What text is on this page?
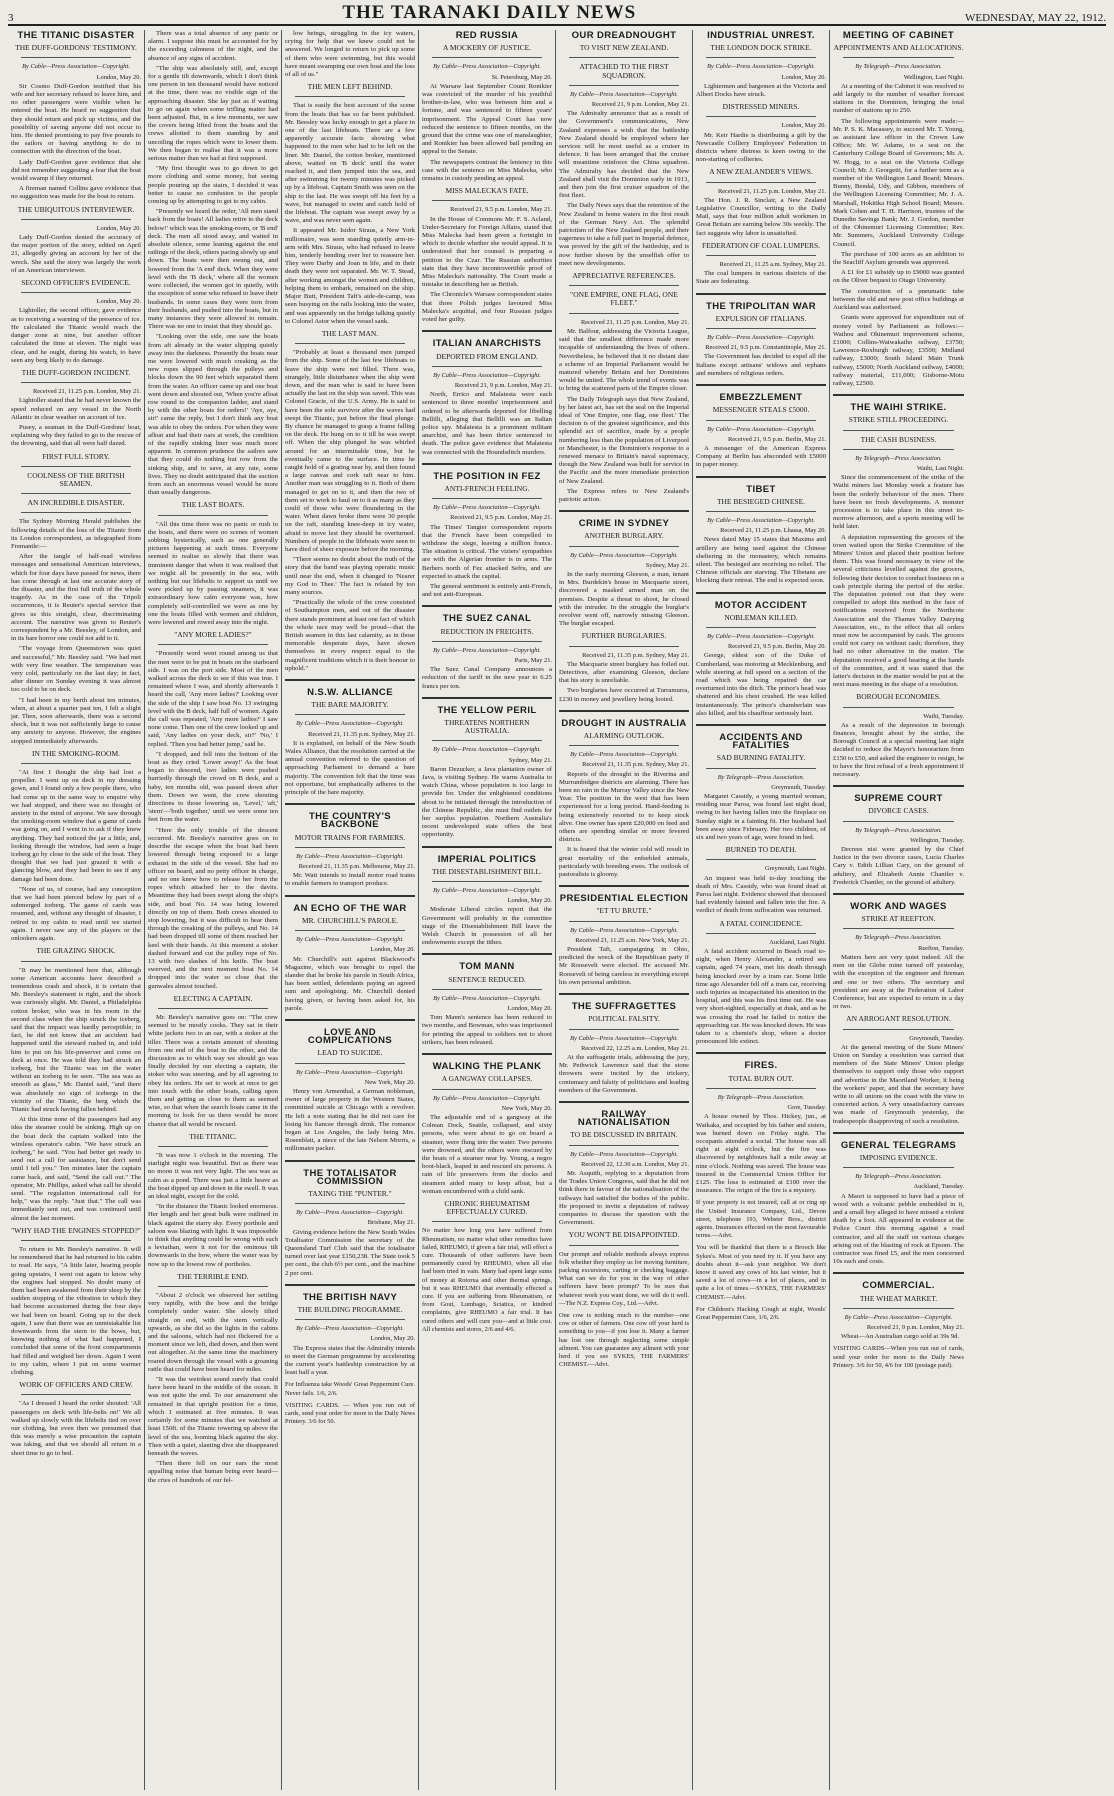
3	THE TARANAKI DAILY NEWS	WEDNESDAY, MAY 22, 1912.
THE TITANIC DISASTER
THE DUFF-GORDONS' TESTIMONY.
By Cable—Press Association—Copyright.
London, May 20.

Sir Cosmo Duff-Gordon testified that his wife and her secretary refused to leave him, and no other passengers were visible when he entered the boat. He heard no suggestion that they should return and pick up victims, and the possibility of saving anyone did not occur to him. He denied promising to pay five pounds to the sailors or having anything to do in connection with the direction of the boat.

Lady Duff-Gordon gave evidence that she did not remember suggesting a fear that the boat would swamp if they returned.

A fireman named Collins gave evidence that no suggestion was made for the boat to return.

THE UBIQUITOUS INTERVIEWER.
London, May 20.

Lady Duff-Gordon denied the accuracy of the major portion of the story, edited on April 21, allegedly giving an account by her of the wreck. She said the story was largely the work of an American interviewer.

SECOND OFFICER'S EVIDENCE.
London, May 20.

Lightoller, the second officer, gave evidence as to receiving a warning of the presence of ice. He calculated the Titanic would reach the danger zone at nine, but another officer calculated the time at eleven. The night was clear, and he ought, during his watch, to have seen any berg likely to do damage.

THE DUFF-GORDON INCIDENT.
Received 21, 11.25 p.m. London, May 21.

Lightoller stated that he had never known the speed reduced on any vessel in the North Atlantic in clear weather on account of ice.

Pusey, a seaman in the Duff-Gordons' boat, explaining why they failed to go to the rescue of the drowning, said that all were half dazed.

FIRST FULL STORY.
COOLNESS OF THE BRITISH SEAMEN.
AN INCREDIBLE DISASTER.

The Sydney Morning Herald publishes the following details of the loss of the Titanic from its London correspondent, as telegraphed from Fremantle:—

After the tangle of half-read wireless messages and sensational American interviews, which for four days have passed for news, there has come through at last one accurate story of the disaster, and the first full truth of the whole tragedy. As in the case of the Tripoli occurrences, it is Reuter's special service that gives us this straight, clear, discriminating account. The narrative was given to Reuter's correspondent by a Mr. Beesley, of London, and in its bare horror one could not add to it.

"The voyage from Queenstown was quiet and successful," Mr. Beesley said. "We had met with very fine weather. The temperature was very cold, particularly on the last day; in fact, after dinner on Sunday evening it was almost too cold to be on deck.

"I had been in my berth about ten minutes, when, at about a quarter past ten, I felt a slight jar. Then, soon afterwards, there was a second shock, but it was not sufficiently large to cause any anxiety to anyone. However, the engines stopped immediately afterwards.

IN THE SMOKING-ROOM.

"At first I thought the ship had lost a propeller. I went up on deck in my dressing gown, and I found only a few people there, who had come up in the same way to enquire why we had stopped, and there was no thought of anxiety in the mind of anyone. We saw through the smoking-room window that a game of cards was going on, and I went in to ask if they knew anything. They had noticed the jar a little, and, looking through the window, had seen a huge iceberg go by close to the side of the boat. They thought that we had just grazed it with a glancing blow, and they had been to see if any damage had been done.

"None of us, of course, had any conception that we had been pierced below by part of a submerged iceberg. The game of cards was resumed, and, without any thought of disaster, I retired to my cabin to read until we started again. I never saw any of the players or the onlookers again.

THE GRAZING SHOCK.

"It may be mentioned here that, although some American accounts have described a tremendous crash and shock, it is certain that Mr. Beesley's statement is right, and the shock was curiously slight. Mr. Daniel, a Philadelphia cotton broker, who was in his room in the second class when the ship struck the iceberg, said that the impact was hardly perceptible; in fact, he did not know that an accident had happened until the steward rushed in, and told him to put on his life-preserver and come on deck at once. He was told they had struck an iceberg, but the Titanic was on the water without an iceberg to be seen. "The sea was as smooth as glass," Mr. Daniel said, "and there was absolutely no sign of icebergs in the vicinity of the Titanic, the berg which the Titanic had struck having fallen behind.

At this time none of the passengers had any idea the steamer could be sinking. High up on the boat deck the captain walked into the wireless operator's cabin. "We have struck an iceberg," he said. "You had better get ready to send out a call for assistance, but don't send until I tell you." Ten minutes later the captain came back, and said, "Send the call out." The operator, Mr. Phillips, asked what call he should send. "The regulation international call for help," was the reply. "Just that." The call was immediately sent out, and was continued until almost the last moment.

"WHY HAD THE ENGINES STOPPED?"

To return to Mr. Beesley's narrative. It will be remembered that he had returned to his cabin to read. He says, "A little later, hearing people going upstairs, I went out again to know why the engines had stopped. No doubt many of them had been awakened from their sleep by the sudden stopping of the vibration to which they had become accustomed during the four days we had been on board. Going up to the deck again, I saw that there was an unmistakable list downwards from the stern to the bows, but, knowing nothing of what had happened, I concluded that some of the front compartments had filled and weighed her down. Again I went to my cabin, where I put on some warmer clothing.

WORK OF OFFICERS AND CREW.

"As I dressed I heard the order shouted: 'All passengers on deck with life-belts on!' We all walked up slowly with the lifebelts tied on over our clothing, but even then we presumed that this was merely a wise precaution the captain was taking, and that we should all return in a short time to go to bed.

There was a total absence of any panic or alarm. I suppose this must be accounted for by the exceeding calmness of the night, and the absence of any signs of accident.

"The ship was absolutely still, and, except for a gentle tilt downwards, which I don't think one person in ten thousand would have noticed at the time, there was no visible sign of the approaching disaster. She lay just as if waiting to go on again when some trifling matter had been adjusted. But, in a few moments, we saw the covers being lifted from the boats and the crews allotted to them standing by and uncoiling the ropes which were to lower them. We then began to realise that it was a more serious matter than we had at first supposed.

"My first thought was to go down to get more clothing and some money, but seeing people pouring up the stairs, I decided it was better to cause no confusion to the people coming up by attempting to get to my cabin.

"Presently we heard the order, 'All men stand back from the boats! All ladies retire to the deck below!' which was the smoking-room, or 'B end' deck. The men all stood away, and waited in absolute silence, some leaning against the end railings of the deck, others pacing slowly up and down. The boats were then swung out, and lowered from the 'A end' deck. When they were level with the 'B deck,' where all the women were collected, the women got in quietly, with the exception of some who refused to leave their husbands. In some cases they were torn from their husbands, and pushed into the boats, but in many instances they were allowed to remain. There was no one to insist that they should go.

"Looking over the side, one saw the boats from aft already in the water slipping quietly away into the darkness. Presently the boats near me were lowered with much creaking as the new ropes slipped through the pulleys and blocks down the 90 feet which separated them from the water. An officer came up and one boat went down and shouted out, 'When you're afloat row round to the companion ladder, and stand by with the other boats for orders!' 'Aye, aye, sir!' came the reply, but I don't think any boat was able to obey the orders. For when they were afloat and had their oars at work, the condition of the rapidly sinking liner was much more apparent. In common prudence the sailors saw that they could do nothing but row from the sinking ship, and to save, at any rate, some lives. They no doubt anticipated that the suction from such an enormous vessel would be more than usually dangerous.

THE LAST BOATS.

"All this time there was no panic or rush to the boats, and there were no scenes of women sobbing hysterically, such as one generally pictures happening at such times. Everyone seemed to realise so slowly that there was imminent danger that when it was realised that we might all be presently in the sea, with nothing but our lifebelts to support us until we were picked up by passing steamers, it was extraordinary how calm everyone was, how completely self-controlled we were as one by one the boats filled with women and children, were lowered and rowed away into the night.

"ANY MORE LADIES?"

"Presently word went round among us that the men were to be put in boats on the starboard side. I was on the port side. Most of the men walked across the deck to see if this was true. I remained where I was, and shortly afterwards I heard the call, 'Any more ladies?' Looking over the side of the ship I saw boat No. 13 swinging level with the B deck, half full of women. Again the call was repeated, 'Any more ladies?' I saw none come. Then one of the crew looked up and said, 'Any ladies on your deck, sir?' 'No,' I replied. 'Then you had better jump,' said he.

"I dropped, and fell into the bottom of the boat as they cried 'Lower away!' As the boat began to descend, two ladies were pushed hurriedly through the crowd on B deck, and a baby, ten months old, was passed down after them. Down we went, the crew shouting directions to those lowering us, 'Level,' 'aft,' 'stern'—'both together,' until we were some ten feet from the water.

"Here the only trouble of the descent occurred. Mr. Beesley's narrative goes on to describe the escape when the boat had been lowered through being exposed to a large exhaust in the side of the vessel. She had no officer on board, and no petty officer in charge, and no one knew how to release her from the ropes which attached her to the davits. Meantime they had been swept along the ship's side, and boat No. 14 was being lowered directly on top of them. Both crews shouted to stop lowering, but it was difficult to hear them through the creaking of the pulleys, and No. 14 had been dropped till some of them reached her keel with their hands. At this moment a stoker dashed forward and cut the pulley rope of No. 13 with two slashes of his knife. The boat swerved, and the next moment boat No. 14 dropped into the water so close that the gunwales almost touched.

ELECTING A CAPTAIN.

Mr. Beesley's narrative goes on: "The crew seemed to be mostly cooks. They sat in their white jackets two to an oar, with a stoker at the tiller. There was a certain amount of shouting from one end of the boat to the other, and the discussion as to which way we should go was finally decided by our electing a captain, the stoker who was steering, and by all agreeing to obey his orders. He set to work at once to get into touch with the other boats, calling upon them and getting as close to them as seemed wise, so that when the search boats came in the morning to look for us there would be more chance that all would be rescued.

THE TITANIC.

"It was now 1 o'clock in the morning. The starlight night was beautiful. But as there was no moon it was not very light. The sea was as calm as a pond. There was just a little heave as the boat dipped up and down in the swell. It was an ideal night, except for the cold.

"In the distance the Titanic looked enormous. Her length and her great bulk were outlined in black against the starry sky. Every porthole and saloon was blazing with light. It was impossible to think that anything could be wrong with such a leviathan, were it not for the ominous tilt downwards in the bow, where the water was by now up to the lowest row of portholes.

THE TERRIBLE END.

"About 2 o'clock we observed her settling very rapidly, with the bow and the bridge completely under water. She slowly tilted straight on end, with the stern vertically upwards, as she did so the lights in the cabins and the saloons, which had not flickered for a moment since we left, died down, and then went out altogether. At the same time the machinery roared down through the vessel with a groaning rattle that could have been heard for miles.

"It was the weirdest sound surely that could have been heard in the middle of the ocean. It was not quite the end. To our amazement she remained in that upright position for a time, which I estimated at five minutes. It was certainly for some minutes that we watched at least 150ft. of the Titanic towering up above the level of the sea, looming black against the sky. Then with a quiet, slanting dive she disappeared beneath the waves.

"Then there fell on our ears the most appalling noise that human being ever heard—the cries of hundreds of our fel-

low beings, struggling in the icy waters, crying for help that we knew could not be answered. We longed to return to pick up some of them who were swimming, but this would have meant swamping our own boat and the loss of all of us."

THE MEN LEFT BEHIND.

That is easily the best account of the scene from the boats that has so far been published. Mr. Beesley was lucky enough to get a place in one of the last lifeboats. There are a few apparently accurate facts showing what happened to the men who had to be left on the liner. Mr. Daniel, the cotton broker, mentioned above, waited on 'B deck' until the water reached it, and then jumped into the sea, and after swimming for twenty minutes was picked up by a lifeboat. Captain Smith was seen on the ship to the last. He was swept off his feet by a wave, but managed to swim and catch hold of the lifeboat. The captain was swept away by a wave, and was never seen again.

It appeared Mr. Isidor Straus, a New York millionaire, was seen standing quietly arm-in-arm with Mrs. Straus, who had refused to leave him, tenderly bending over her to reassure her. They were Darby and Joan in life, and in their death they were not separated. Mr. W. T. Stead, after working amongst the women and children, helping them to embark, remained on the ship. Major Butt, President Taft's aide-de-camp, was seen busying on the rails looking into the water, and was apparently on the bridge talking quietly to Colonel Astor when the vessel sank.

THE LAST MAN.

"Probably at least a thousand men jumped from the ship. Some of the last few lifeboats to leave the ship were not filled. There was, strangely, little disturbance when the ship went down, and the man who is said to have been actually the last on the ship was saved. This was Colonel Gracie, of the U.S. Army. He is said to have been the sole survivor after the waves had swept the Titanic, just before the final plunge. By chance he managed to grasp a frame falling on the deck. He hung on to it till he was swept off. When the ship plunged he was whirled around for an interminable time, but he eventually came to the surface. In time he caught hold of a grating near by, and then found a large canvas and cork raft near to him. Another man was struggling to it. Both of them managed to get on to it, and then the two of them set to work to haul on to it as many as they could of those who were floundering in the water. When dawn broke there were 30 people on the raft, standing knee-deep in icy water, afraid to move lest they should be overturned. Numbers of people in the lifeboats were seen to have died of sheer exposure before the morning.

"There seems no doubt about the truth of the story that the band was playing operatic music until near the end, when it changed to 'Nearer my God to Thee.' The fact is related by too many sources.

"Practically the whole of the crew consisted of Southampton men, and out of the disaster there stands prominent at least one fact of which the whole race may well be proud—that the British seamen in this last calamity, as in those memorable desperate days, have shown themselves in every respect equal to the magnificent traditions which it is their honour to uphold."

N.S.W. ALLIANCE
THE BARE MAJORITY.
By Cable—Press Association—Copyright.
Received 21, 11.35 p.m. Sydney, May 21.

It is explained, on behalf of the New South Wales Alliance, that the resolution carried at the annual convention referred to the question of approaching Parliament to demand a bare majority. The convention felt that the time was not opportune, but emphatically adheres to the principle of the bare majority.

THE COUNTRY'S BACKBONE
MOTOR TRAINS FOR FARMERS.
By Cable—Press Association—Copyright.
Received 21, 11.35 p.m. Melbourne, May 21.

Mr. Watt intends to install motor road trains to enable farmers to transport produce.

AN ECHO OF THE WAR
MR. CHURCHILL'S PAROLE.
By Cable—Press Association—Copyright.
London, May 20.

Mr. Churchill's suit against Blackwood's Magazine, which was brought to repel the slander that he broke his parole in South Africa, has been settled, defendants paying an agreed sum and apologising. Mr. Churchill denied having given, or having been asked for, his parole.

LOVE AND COMPLICATIONS
LEAD TO SUICIDE.
By Cable—Press Association—Copyright.
New York, May 20.

Henry von Armenthal, a German nobleman, owner of large property in the Western States, committed suicide at Chicago with a revolver. He left a note stating that he did not care for losing his fiancee through drink. The romance began at Los Angeles, the lady being Mrs. Rosenblatt, a niece of the late Nelson Morris, a millionaire packer.

THE TOTALISATOR COMMISSION
TAXING THE "PUNTER."
By Cable—Press Association—Copyright.
Brisbane, May 21.

Giving evidence before the New South Wales Totalisator Commission the secretary of the Queensland Turf Club said that the totalisator turned over last year £150,238. The State took 5 per cent., the club 6½ per cent., and the machine 2 per cent.

THE BRITISH NAVY
THE BUILDING PROGRAMME.
By Cable—Press Association—Copyright.
London, May 20.

The Express states that the Admiralty intends to meet the German programme by accelerating the current year's battleship construction by at least half a year.

For Influenza take Woods' Great Peppermint Cure. Never fails. 1/6, 2/6.
VISITING CARDS. — When you run out of cards, send your order for more to the Daily News Printery. 3/6 for 50.
RED RUSSIA
A MOCKERY OF JUSTICE.
By Cable—Press Association—Copyright.
St. Petersburg, May 20.

At Warsaw last September Count Ronikier was convicted of the murder of his youthful brother-in-law, who was between him and a fortune, and was sentenced to fifteen years' imprisonment. The Appeal Court has now reduced the sentence to fifteen months, on the ground that the crime was one of manslaughter, and Ronikier has been allowed bail pending an appeal to the Senate.

The newspapers contrast the leniency in this case with the sentence on Miss Malecka, who remains in custody pending an appeal.

MISS MALECKA'S FATE.
Received 21, 9.5 p.m. London, May 21.

In the House of Commons Mr. F. S. Acland, Under-Secretary for Foreign Affairs, stated that Miss Malecka had been given a fortnight in which to decide whether she would appeal. It is understood that her counsel is preparing a petition to the Czar. The Russian authorities state that they have incontrovertible proof of Miss Malecka's nationality. The Court made a mistake in describing her as British.

The Chronicle's Warsaw correspondent states that three Polish judges favoured Miss Malecka's acquittal, and four Russian judges voted her guilty.

ITALIAN ANARCHISTS
DEPORTED FROM ENGLAND.
By Cable—Press Association—Copyright.
Received 21, 9 p.m. London, May 21.

North, Errico and Malatesta were each sentenced to three months' imprisonment and ordered to be afterwards deported for libelling Bellilli, alleging that Bellilli was an Italian police spy. Malatesta is a prominent militant anarchist, and has been thrice sentenced to death. The police gave evidence that Malatesta was connected with the Houndsditch murders.

THE POSITION IN FEZ
ANTI-FRENCH FEELING.
By Cable—Press Association—Copyright.
Received 21, 9.5 p.m. London, May 21.

The Times' Tangier correspondent reports that the French have been compelled to withdraw the siege, leaving a million francs. The situation is critical. The viziers' sympathies are with the Algerian frontier is in arms. The Berbers north of Fez attacked Sefru, and are expected to attack the capital.

The general sentiment is entirely anti-French, and not anti-European.

THE SUEZ CANAL
REDUCTION IN FREIGHTS.
By Cable—Press Association—Copyright.
Paris, May 21.

The Suez Canal Company announces a reduction of the tariff in the new year to 6.25 francs per ton.

THE YELLOW PERIL
THREATENS NORTHERN AUSTRALIA.
By Cable—Press Association—Copyright.
Sydney, May 21.

Baron Dezucker, a Java plantation owner of Java, is visiting Sydney. He warns Australia to watch China, whose population is too large to provide for. Under the enlightened conditions about to be initiated through the introduction of the Chinese Republic, she must find outlets for her surplus population. Northern Australia's recent undeveloped state offers the best opportunity.

IMPERIAL POLITICS
THE DISESTABLISHMENT BILL.
By Cable—Press Association—Copyright.
London, May 20.

Moderate Liberal circles report that the Government will probably in the committee stage of the Disestablishment Bill leave the Welsh Church in possession of all her endowments except the tithes.

TOM MANN
SENTENCE REDUCED.
By Cable—Press Association—Copyright.
London, May 20.

Tom Mann's sentence has been reduced to two months, and Bowman, who was imprisoned for printing the appeal to soldiers not to shoot strikers, has been released.

WALKING THE PLANK
A GANGWAY COLLAPSES.
By Cable—Press Association—Copyright.
New York, May 20.

The adjustable end of a gangway at the Colman Dock, Seattle, collapsed, and sixty persons, who were about to go on board a steamer, were flung into the water. Two persons were drowned, and the others were rescued by the boats of a steamer near by. Young, a negro boot-black, leaped in and rescued six persons. A rain of life preservers from the docks and steamers aided many to keep afloat, but a woman encumbered with a child sank.

CHRONIC RHEUMATISM EFFECTUALLY CURED.
No matter how long you have suffered from Rheumatism, no matter what other remedies have failed, RHEUMO, if given a fair trial, will effect a cure. Thousands of other sufferers have been permanently cured by RHEUMO, when all else had been tried in vain. Many had spent large sums of money at Rotorua and other thermal springs, but it was RHEUMO that eventually effected a cure. If you are suffering from Rheumatism, or from Gout, Lumbago, Sciatica, or kindred complaints, give RHEUMO a fair trial. It has cured others and will cure you—and at little cost. All chemists and stores, 2/6 and 4/6.
OUR DREADNOUGHT
TO VISIT NEW ZEALAND.
ATTACHED TO THE FIRST SQUADRON.
By Cable—Press Association—Copyright.
Received 21, 9 p.m. London, May 21.

The Admiralty announce that as a result of the Government's communications, New Zealand expresses a wish that the battleship New Zealand should be employed where her services will be most useful as a cruiser in defence. It has been arranged that the cruiser will meantime reinforce the China squadron. The Admiralty has decided that the New Zealand shall visit the Dominion early in 1913, and then join the first cruiser squadron of the first fleet.

The Daily News says that the retention of the New Zealand in home waters in the first result of the German Navy Act. The splendid patriotism of the New Zealand people, and their eagerness to take a full part in Imperial defence, was proved by the gift of the battleship, and is now further shown by the unselfish offer to meet new developments.

APPRECIATIVE REFERENCES.
"ONE EMPIRE, ONE FLAG, ONE FLEET."
Received 21, 11.25 p.m. London, May 21.

Mr. Balfour, addressing the Victoria League, said that the smallest difference made more incapable of understanding the lives of others. Nevertheless, he believed that it no distant date a scheme of an Imperial Parliament would be matured whereby Britain and her Dominions would be united. The whole trend of events was to bring the scattered parts of the Empire closer.

The Daily Telegraph says that New Zealand, by her latest act, has set the seal on the Imperial ideal of 'One Empire, one flag, one fleet.' The decision is of the greatest significance, and this splendid act of sacrifice, made by a people numbering less than the population of Liverpool or Manchester, is the Dominion's response to a renewed menace to Britain's naval supremacy, though the New Zealand was built for service in the Pacific and the more immediate protection of New Zealand.

The Express refers to New Zealand's patriotic action.

CRIME IN SYDNEY
ANOTHER BURGLARY.
By Cable—Press Association—Copyright.
Sydney, May 21.

In the early morning Gleeson, a man, tenant in Mrs. Burdekin's house in Macquarie street, discovered a masked armed man on the premises. Despite a threat to shoot, he closed with the intruder. In the struggle the burglar's revolver went off, narrowly missing Gleeson. The burglar escaped.

FURTHER BURGLARIES.
Received 21, 11.35 p.m. Sydney, May 21.

The Macquarie street burglary has foiled out. Detectives, after examining Gleeson, declare that his story is unreliable.

Two burglaries have occurred at Turramurra, £230 in money and jewellery being looted.

DROUGHT IN AUSTRALIA
ALARMING OUTLOOK.
By Cable—Press Association—Copyright.
Received 21, 11.35 p.m. Sydney, May 21.

Reports of the drought in the Riverina and Murrumbidgee districts are alarming. There has been no rain in the Murray Valley since the New Year. The position in the west that has been experienced for a long period. Hand-feeding is being extensively resorted to to keep stock alive. One owner has spent £20,000 on feed and others are spending similar or more fevered districts.

It is feared that the winter cold will result in great mortality of the enfeebled animals, particularly with breeding ewes. The outlook of pastoralists is gloomy.

PRESIDENTIAL ELECTION
"ET TU BRUTE."
By Cable—Press Association—Copyright.
Received 21, 11.25 a.m. New York, May 21.

President Taft, campaigning in Ohio, predicted the wreck of the Republican party if Mr Roosevelt were elected. He accused Mr. Roosevelt of being careless in everything except his own personal ambition.

THE SUFFRAGETTES
POLITICAL FALSITY.
By Cable—Press Association—Copyright.
Received 22, 12.25 a.m. London, May 21.

At the suffragette trials, addressing the jury, Mr. Pethwick Lawrence said that the stone throwers were incited by the trickery, contumacy and falsity of politicians and leading members of the Government.

RAILWAY NATIONALISATION
TO BE DISCUSSED IN BRITAIN.
By Cable—Press Association—Copyright.
Received 22, 12.30 a.m. London, May 21.

Mr. Asquith, replying to a deputation from the Trades Union Congress, said that he did not think there in favour of the nationalisation of the railways had satisfied the bodies of the public. He proposed to invite a deputation of railway companies to discuss the question with the Government.

YOU WON'T BE DISAPPOINTED.
Our prompt and reliable methods always express folk whether they employ us for moving furniture, packing excursions, carting or checking baggage. What can we do for you in the way of other sufferers have been prompt? To be sure that whatever work you want done, we will do it well.—The N.Z. Express Coy., Ltd.—Advt.
One cow is nothing much to the number—one cow or other of farmers. One cow off your herd is something to you—if you lose it. Many a farmer has lost one through neglecting some simple ailment. You can guarantee any ailment with your herd if you see SYKES, THE FARMERS' CHEMIST.—Advt.
INDUSTRIAL UNREST.
THE LONDON DOCK STRIKE.
By Cable—Press Association—Copyright.
London, May 20.

Lightermen and bargemen at the Victoria and Albert Docks have struck.

DISTRESSED MINERS.
London, May 20.

Mr. Keir Hardie is distributing a gift by the Newcastle Colliery Employees' Federation in districts where distress is keen owing to the non-starting of collieries.

A NEW ZEALANDER'S VIEWS.
Received 21, 11.25 p.m. London, May 21.

The Hon. J. R. Sinclair, a New Zealand Legislative Councillor, writing to the Daily Mail, says that four million adult workmen in Great Britain are earning below 30s weekly. The fact suggests why labor is unsatisfied.

FEDERATION OF COAL LUMPERS.
Received 21, 11.25 a.m. Sydney, May 21.

The coal lumpers in various districts of the State are federating.

THE TRIPOLITAN WAR
EXPULSION OF ITALIANS.
By Cable—Press Association—Copyright.
Received 21, 9.5 p.m. Constantinople, May 21.

The Government has decided to expel all the Italians except artisans' widows and orphans and members of religious orders.

EMBEZZLEMENT
MESSENGER STEALS £5000.
By Cable—Press Association—Copyright.
Received 21, 9.5 p.m. Berlin, May 21.

A messenger of the American Express Company at Berlin has absconded with £5000 in paper money.

TIBET
THE BESIEGED CHINESE.
By Cable—Press Association—Copyright.
Received 21, 11.25 p.m. Lhassa, May 20.

News dated May 15 states that Maxims and artillery are being used against the Chinese sheltering in the monastery, which remains silent. The besieged are receiving no relief. The Chinese officials are starving. The Tibetans are blocking their retreat. The end is expected soon.

MOTOR ACCIDENT
NOBLEMAN KILLED.
By Cable—Press Association—Copyright.
Received 21, 9.5 p.m. Berlin, May 20.

George, eldest son of the Duke of Cumberland, was motoring at Mecklenburg, and while steering at full speed on a section of the road which was being repaired the car overturned into the ditch. The prince's head was shattered and his chest crushed. He was killed instantaneously. The prince's chamberlain was also killed, and his chauffeur seriously hurt.

ACCIDENTS AND FATALITIES
SAD BURNING FATALITY.
By Telegraph—Press Association.
Greymouth, Tuesday.

Margaret Cassidy, a young married woman, residing near Paroa, was found last night dead, owing to her having fallen into the fireplace on Sunday night in a fainting fit. Her husband had been away since February. Her two children, of six and two years of age, were found in bed.

BURNED TO DEATH.
Greymouth, Last Night.

An inquest was held to-day touching the death of Mrs. Cassidy, who was found dead at Paroa last night. Evidence showed that deceased had evidently fainted and fallen into the fire. A verdict of death from suffocation was returned.

A FATAL COINCIDENCE.
Auckland, Last Night.

A fatal accident occurred in Beach road to-night, when Henry Alexander, a retired sea captain, aged 74 years, met his death through being knocked over by a tram car. Some little time ago Alexander fell off a tram car, receiving such injuries as incapacitated his attention in the hospital, and this was his first time out. He was very short-sighted, especially at dusk, and as he was crossing the road he failed to notice the approaching car. He was knocked down. He was taken to a chemist's shop, where a doctor pronounced life extinct.

FIRES.
TOTAL BURN OUT.
By Telegraph—Press Association.
Gore, Tuesday.

A house owned by Thos. Hickey, jun., at Waikaka, and occupied by his father and sisters, was burned down on Friday night. The occupants attended a social. The house was all right at eight o'clock, but the fire was discovered by neighbours half a mile away at nine o'clock. Nothing was saved. The house was insured in the Commercial Union Office for £125. The loss is estimated at £100 over the insurance. The origin of the fire is a mystery.

If your property is not insured, call at or ring up the United Insurance Company, Ltd., Devon street, telephone 193, Webster Bros., district agents. Insurances effected on the most favourable terms.—Advt.
You will be thankful that there is a Brooch like Sykes's. Most of you need try it. If you have any doubts about it—ask your neighbor. We don't know it saved any cows of his last winter, but it saved a lot of cows—in a lot of places, and in quite a lot of times.—SYKES, THE FARMERS' CHEMIST.—Advt.
For Children's Hacking Cough at night, Woods' Great Peppermint Cure, 1/6, 2/6.
MEETING OF CABINET
APPOINTMENTS AND ALLOCATIONS.
By Telegraph—Press Association.
Wellington, Last Night.

At a meeting of the Cabinet it was resolved to add largely to the number of weather forecast stations in the Dominion, bringing the total number of stations up to 250.

The following appointments were made:—Mr. P. S. K. Macassey, to succeed Mr. T. Young, as assistant law officer in the Crown Law Office; Mr. W. Adams, to a seat on the Canterbury College Board of Governors; Mr. A. W. Hogg, to a seat on the Victoria College Council; Mr. J. Georgetti, for a further term as a member of the Wellington Land Board; Messrs. Bunny, Bendal, Udy, and Gibbon, members of the Wellington Licensing Committee; Mr. J. A. Marshall, Hokitika High School Board; Messrs. Mark Cohen and T. H. Harrison, trustees of the Dunedin Savings Bank; Mr. J. Gordon, member of the Ohinemuri Licensing Committee; Rev. Mr. Summers, Auckland University College Council.

The purchase of 100 acres as an addition to the Seacliff Asylum grounds was approved.

A £1 for £1 subsidy up to £9000 was granted on the Oliver bequest to Otago University.

The construction of a pneumatic tube between the old and new post office buildings at Auckland was authorised.

Grants were approved for expenditure out of money voted by Parliament as follows:—Waihou and Ohinemuri improvement scheme, £1000; Collins-Waiwakaiho railway, £3750; Lawrence-Roxburgh railway, £3500; Midland railway, £3000; South Island Main Trunk railway, £5000; North Auckland railway, £4000; railway material, £11,000; Gisborne-Motu railway, £2500.

THE WAIHI STRIKE.
STRIKE STILL PROCEEDING.
THE CASH BUSINESS.
By Telegraph—Press Association.
Waihi, Last Night.

Since the commencement of the strike of the Waihi miners last Monday week a feature has been the orderly behaviour of the men. There have been no fresh developments. A monster procession is to take place in this street to-morrow afternoon, and a sports meeting will be held later.

A deputation representing the grocers of the town waited upon the Strike Committee of the Miners' Union and placed their position before them. This was found necessary in view of the several criticisms levelled against the grocers, following their decision to conduct business on a cash principle during the period of the strike. The deputation pointed out that they were compelled to adopt this method in the face of notifications received from the Northcote Association and the Thames Valley Dairying Association, etc., to the effect that all orders must now be accompanied by cash. The grocers could not carry on without cash; therefore, they had no other alternative in the matter. The deputation received a good hearing at the hands of the committee, and it was stated that the latter's decision in the matter would be put at the next mass meeting in the shape of a resolution.

BOROUGH ECONOMIES.
Waihi, Tuesday.

As a result of the depression in borough finances, brought about by the strike, the Borough Council at a special meeting last night decided to reduce the Mayor's honorarium from £150 to £50, and asked the engineer to resign, he to have the first refusal of a fresh appointment if necessary.

SUPREME COURT
DIVORCE CASES.
By Telegraph—Press Association.
Wellington, Tuesday.

Decrees nisi were granted by the Chief Justice in the two divorce cases, Lucia Charles Cary v. Edith Lillian Cary, on the ground of adultery, and Elizabeth Annie Chantler v. Frederick Chantler, on the ground of adultery.

WORK AND WAGES
STRIKE AT REEFTON.
By Telegraph—Press Association.
Reefton, Tuesday.

Matters here are very quiet indeed. All the men on the Globe mine turned off yesterday, with the exception of the engineer and fireman and one or two others. The secretary and president are away at the Federation of Labor Conference, but are expected to return in a day or two.

AN ARROGANT RESOLUTION.
Greymouth, Tuesday.

At the general meeting of the State Miners' Union on Sunday a resolution was carried that members of the State Miners' Union pledge themselves to support only those who support and advertise in the Maoriland Worker, it being the workers' paper, and that the secretary have write to all unions on the coast with the view to concerted action. A very unsatisfactory canvass was made of Greymouth yesterday, the tradespeople disapproving of such a resolution.

GENERAL TELEGRAMS
IMPOSING EVIDENCE.
By Telegraph—Press Association.
Auckland, Tuesday.

A Maori is supposed to have had a piece of wood with a volcanic pebble embedded in it, and a small boy alleged to have missed a violent death by a foot. All appeared in evidence at the Police Court this morning against a road contractor, and all the staff on various charges arising out of the blasting of rock at Epsom. The contractor was fined £5, and the men concerned 10s each and costs.

COMMERCIAL.
THE WHEAT MARKET.
By Cable—Press Association—Copyright.
Received 21, 9 p.m. London, May 21.

Wheat—An Australian cargo sold at 39s 9d.

VISITING CARDS—When you run out of cards, send your order for more to the Daily News Printery. 3/6 for 50, 4/6 for 100 (postage paid).
